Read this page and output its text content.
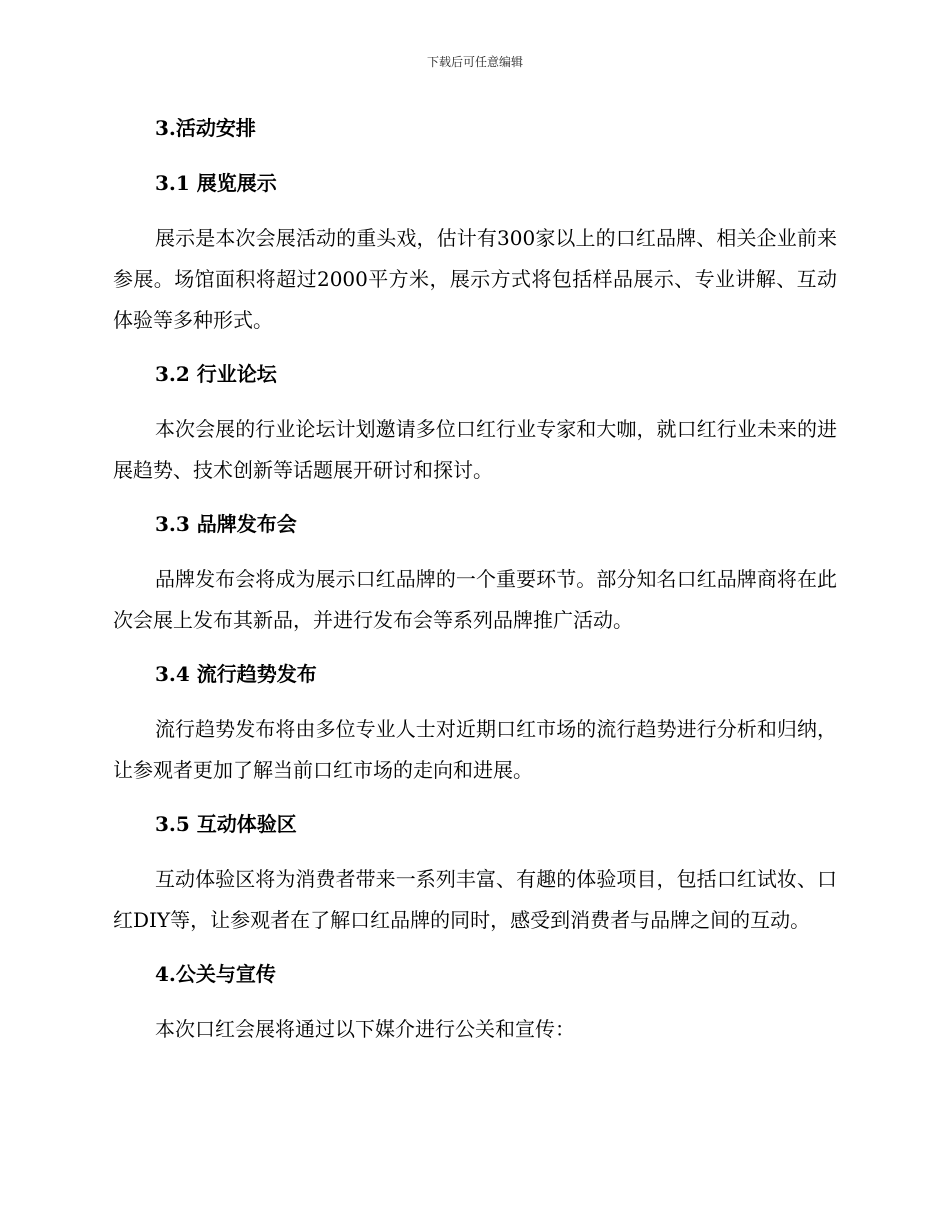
下载后可任意编辑
3.活动安排
3.1 展览展示

展示是本次会展活动的重头戏，估计有300家以上的口红品牌、相关企业前来参展。场馆面积将超过2000平方米，展示方式将包括样品展示、专业讲解、互动体验等多种形式。

3.2 行业论坛

本次会展的行业论坛计划邀请多位口红行业专家和大咖，就口红行业未来的进展趋势、技术创新等话题展开研讨和探讨。

3.3 品牌发布会

品牌发布会将成为展示口红品牌的一个重要环节。部分知名口红品牌商将在此次会展上发布其新品，并进行发布会等系列品牌推广活动。

3.4 流行趋势发布

流行趋势发布将由多位专业人士对近期口红市场的流行趋势进行分析和归纳，让参观者更加了解当前口红市场的走向和进展。

3.5 互动体验区

互动体验区将为消费者带来一系列丰富、有趣的体验项目，包括口红试妆、口红DIY等，让参观者在了解口红品牌的同时，感受到消费者与品牌之间的互动。

4.公关与宣传

本次口红会展将通过以下媒介进行公关和宣传：
